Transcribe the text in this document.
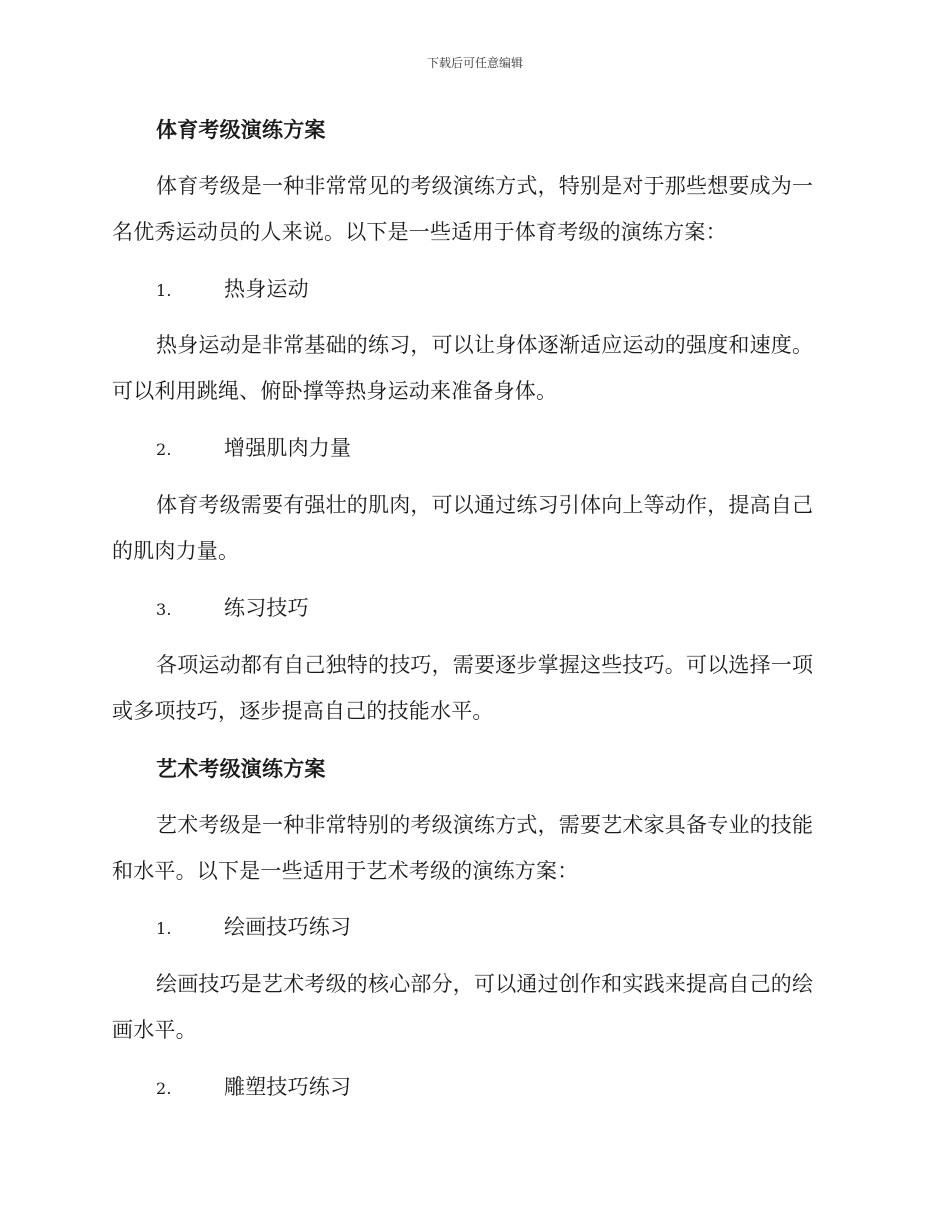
下载后可任意编辑
体育考级演练方案
体育考级是一种非常常见的考级演练方式，特别是对于那些想要成为一名优秀运动员的人来说。以下是一些适用于体育考级的演练方案：
1.	热身运动
热身运动是非常基础的练习，可以让身体逐渐适应运动的强度和速度。可以利用跳绳、俯卧撑等热身运动来准备身体。
2.	增强肌肉力量
体育考级需要有强壮的肌肉，可以通过练习引体向上等动作，提高自己的肌肉力量。
3.	练习技巧
各项运动都有自己独特的技巧，需要逐步掌握这些技巧。可以选择一项或多项技巧，逐步提高自己的技能水平。
艺术考级演练方案
艺术考级是一种非常特别的考级演练方式，需要艺术家具备专业的技能和水平。以下是一些适用于艺术考级的演练方案：
1.	绘画技巧练习
绘画技巧是艺术考级的核心部分，可以通过创作和实践来提高自己的绘画水平。
2.	雕塑技巧练习
